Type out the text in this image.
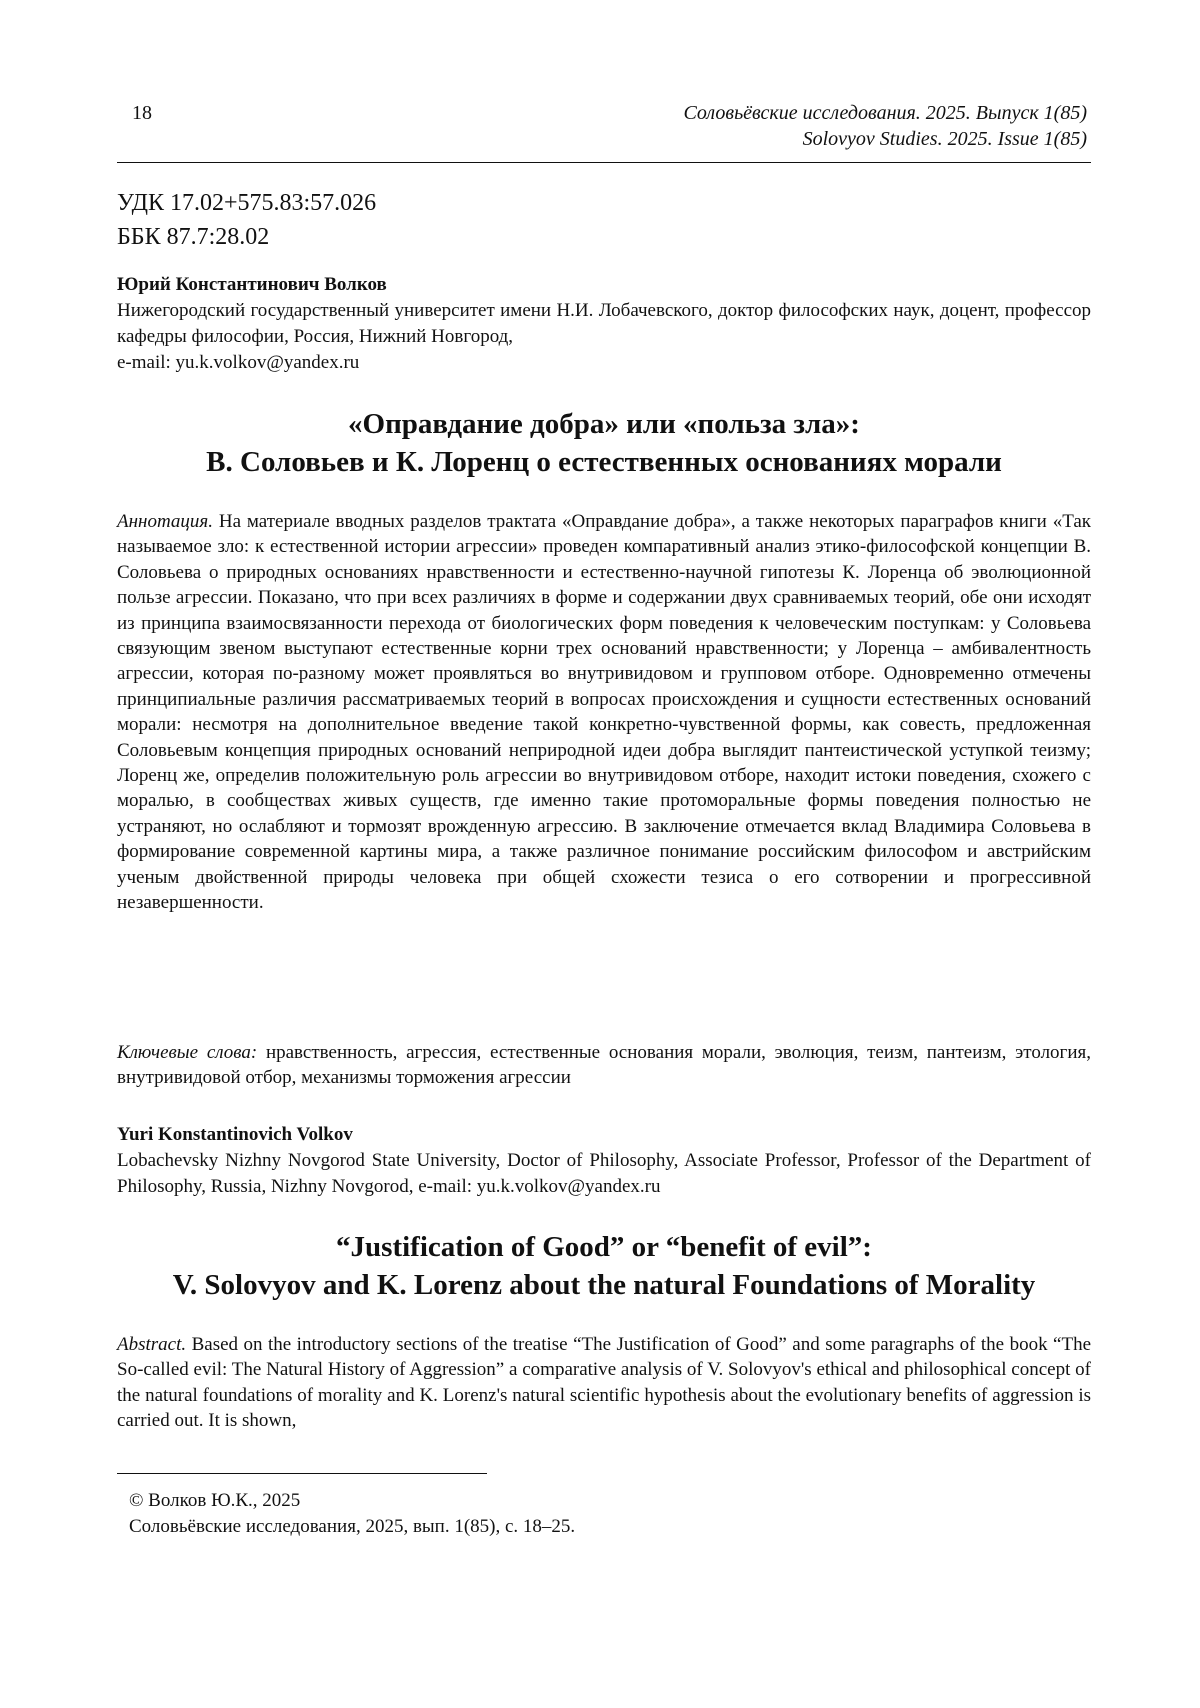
18	Соловьёвские исследования. 2025. Выпуск 1(85)
Solovyov Studies. 2025. Issue 1(85)
УДК 17.02+575.83:57.026
ББК 87.7:28.02
Юрий Константинович Волков
Нижегородский государственный университет имени Н.И. Лобачевского, доктор философских наук, доцент, профессор кафедры философии, Россия, Нижний Новгород,
e-mail: yu.k.volkov@yandex.ru
«Оправдание добра» или «польза зла»:
В. Соловьев и К. Лоренц о естественных основаниях морали
Аннотация. На материале вводных разделов трактата «Оправдание добра», а также некоторых параграфов книги «Так называемое зло: к естественной истории агрессии» проведен компаративный анализ этико-философской концепции В. Соловьева о природных основаниях нравственности и естественно-научной гипотезы К. Лоренца об эволюционной пользе агрессии. Показано, что при всех различиях в форме и содержании двух сравниваемых теорий, обе они исходят из принципа взаимосвязанности перехода от биологических форм поведения к человеческим поступкам: у Соловьева связующим звеном выступают естественные корни трех оснований нравственности; у Лоренца – амбивалентность агрессии, которая по-разному может проявляться во внутривидовом и групповом отборе. Одновременно отмечены принципиальные различия рассматриваемых теорий в вопросах происхождения и сущности естественных оснований морали: несмотря на дополнительное введение такой конкретно-чувственной формы, как совесть, предложенная Соловьевым концепция природных оснований неприродной идеи добра выглядит пантеистической уступкой теизму; Лоренц же, определив положительную роль агрессии во внутривидовом отборе, находит истоки поведения, схожего с моралью, в сообществах живых существ, где именно такие протоморальные формы поведения полностью не устраняют, но ослабляют и тормозят врожденную агрессию. В заключение отмечается вклад Владимира Соловьева в формирование современной картины мира, а также различное понимание российским философом и австрийским ученым двойственной природы человека при общей схожести тезиса о его сотворении и прогрессивной незавершенности.
Ключевые слова: нравственность, агрессия, естественные основания морали, эволюция, теизм, пантеизм, этология, внутривидовой отбор, механизмы торможения агрессии
Yuri Konstantinovich Volkov
Lobachevsky Nizhny Novgorod State University, Doctor of Philosophy, Associate Professor, Professor of the Department of Philosophy, Russia, Nizhny Novgorod, e-mail: yu.k.volkov@yandex.ru
“Justification of Good” or “benefit of evil”:
V. Solovyov and K. Lorenz about the natural Foundations of Morality
Abstract. Based on the introductory sections of the treatise “The Justification of Good” and some paragraphs of the book “The So-called evil: The Natural History of Aggression” a comparative analysis of V. Solovyov's ethical and philosophical concept of the natural foundations of morality and K. Lorenz's natural scientific hypothesis about the evolutionary benefits of aggression is carried out. It is shown,
© Волков Ю.К., 2025
Соловьёвские исследования, 2025, вып. 1(85), с. 18–25.
